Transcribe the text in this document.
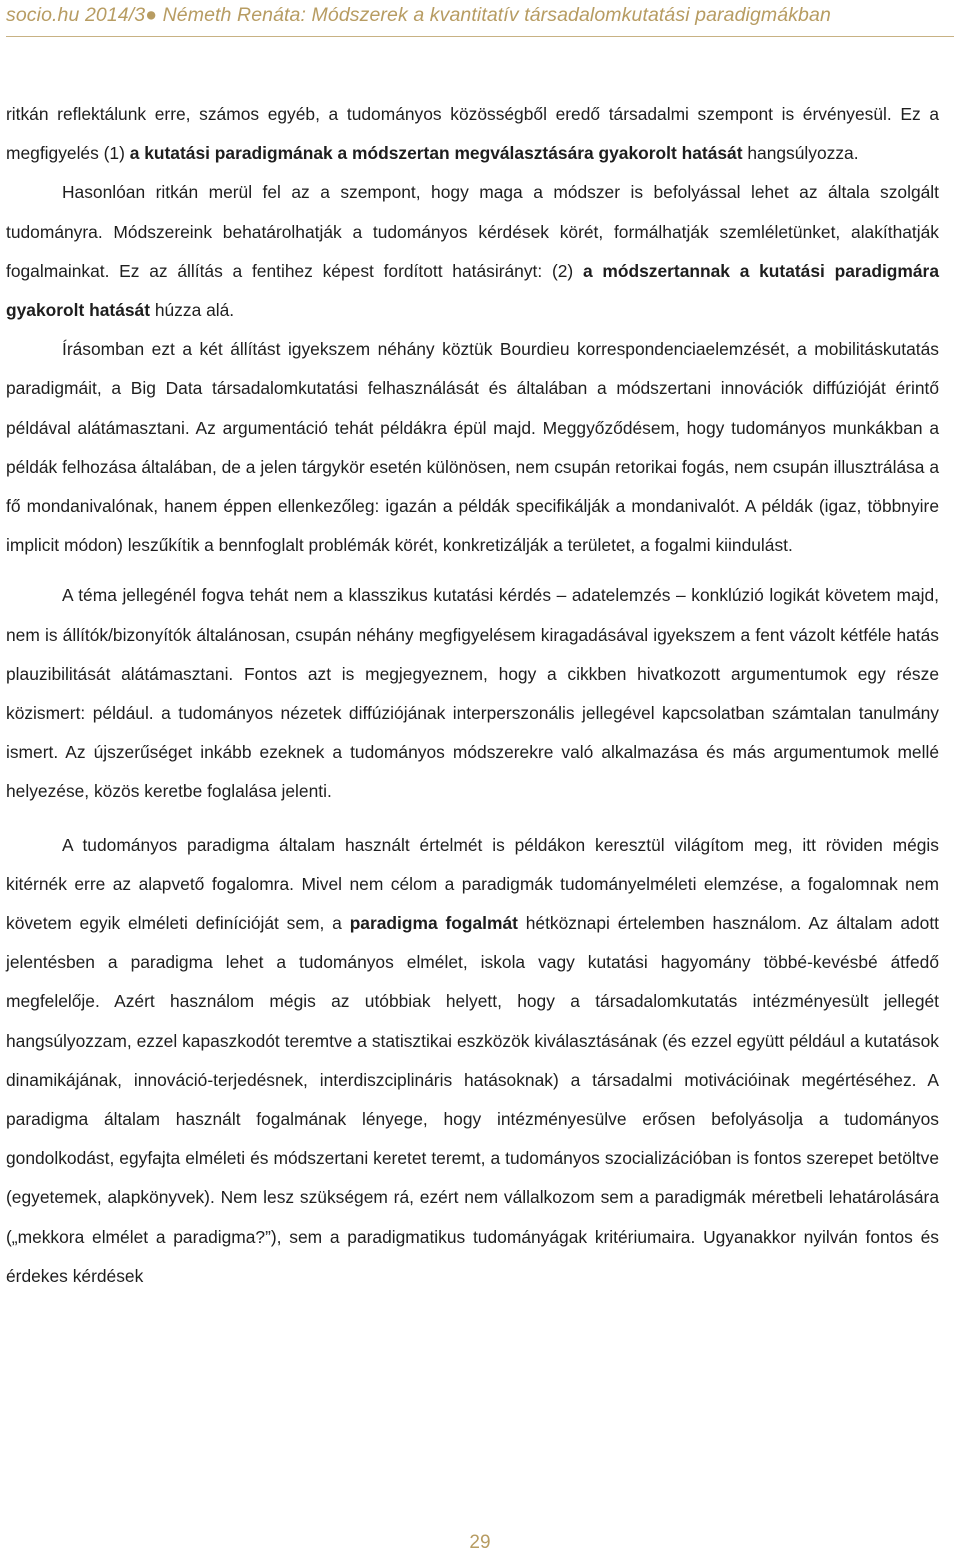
socio.hu 2014/3● Németh Renáta: Módszerek a kvantitatív társadalomkutatási paradigmákban

ritkán reflektálunk erre, számos egyéb, a tudományos közösségből eredő társadalmi szempont is érvényesül. Ez a megfigyelés (1) a kutatási paradigmának a módszertan megválasztására gyakorolt hatását hangsúlyozza.

Hasonlóan ritkán merül fel az a szempont, hogy maga a módszer is befolyással lehet az általa szolgált tudományra. Módszereink behatárolhatják a tudományos kérdések körét, formálhatják szemléletünket, alakíthatják fogalmainkat. Ez az állítás a fentihez képest fordított hatásirányt: (2) a módszertannak a kutatási paradigmára gyakorolt hatását húzza alá.

Írásomban ezt a két állítást igyekszem néhány köztük Bourdieu korrespondenciaelemzését, a mobilitáskutatás paradigmáit, a Big Data társadalomkutatási felhasználását és általában a módszertani innovációk diffúzióját érintő példával alátámasztani. Az argumentáció tehát példákra épül majd. Meggyőződésem, hogy tudományos munkákban a példák felhozása általában, de a jelen tárgykör esetén különösen, nem csupán retorikai fogás, nem csupán illusztrálása a fő mondanivalónak, hanem éppen ellenkezőleg: igazán a példák specifikálják a mondanivalót. A példák (igaz, többnyire implicit módon) leszűkítik a bennfoglalt problémák körét, konkretizálják a területet, a fogalmi kiindulást.

A téma jellegénél fogva tehát nem a klasszikus kutatási kérdés – adatelemzés – konklúzió logikát követem majd, nem is állítók/bizonyítók általánosan, csupán néhány megfigyelésem kiragadásával igyekszem a fent vázolt kétféle hatás plauzibilitását alátámasztani. Fontos azt is megjegyeznem, hogy a cikkben hivatkozott argumentumok egy része közismert: például. a tudományos nézetek diffúziójának interperszonális jellegével kapcsolatban számtalan tanulmány ismert. Az újszerűséget inkább ezeknek a tudományos módszerekre való alkalmazása és más argumentumok mellé helyezése, közös keretbe foglalása jelenti.

A tudományos paradigma általam használt értelmét is példákon keresztül világítom meg, itt röviden mégis kitérnék erre az alapvető fogalomra. Mivel nem célom a paradigmák tudományelméleti elemzése, a fogalomnak nem követem egyik elméleti definícióját sem, a paradigma fogalmát hétköznapi értelemben használom. Az általam adott jelentésben a paradigma lehet a tudományos elmélet, iskola vagy kutatási hagyomány többé-kevésbé átfedő megfelelője. Azért használom mégis az utóbbiak helyett, hogy a társadalomkutatás intézményesült jellegét hangsúlyozzam, ezzel kapaszkodót teremtve a statisztikai eszközök kiválasztásának (és ezzel együtt például a kutatások dinamikájának, innováció-terjedésnek, interdiszciplináris hatásoknak) a társadalmi motivációinak megértéséhez. A paradigma általam használt fogalmának lényege, hogy intézményesülve erősen befolyásolja a tudományos gondolkodást, egyfajta elméleti és módszertani keretet teremt, a tudományos szocializációban is fontos szerepet betöltve (egyetemek, alapkönyvek). Nem lesz szükségem rá, ezért nem vállalkozom sem a paradigmák méretbeli lehatárolására („mekkora elmélet a paradigma?”), sem a paradigmatikus tudományágak kritériumaira. Ugyanakkor nyilván fontos és érdekes kérdések

29
